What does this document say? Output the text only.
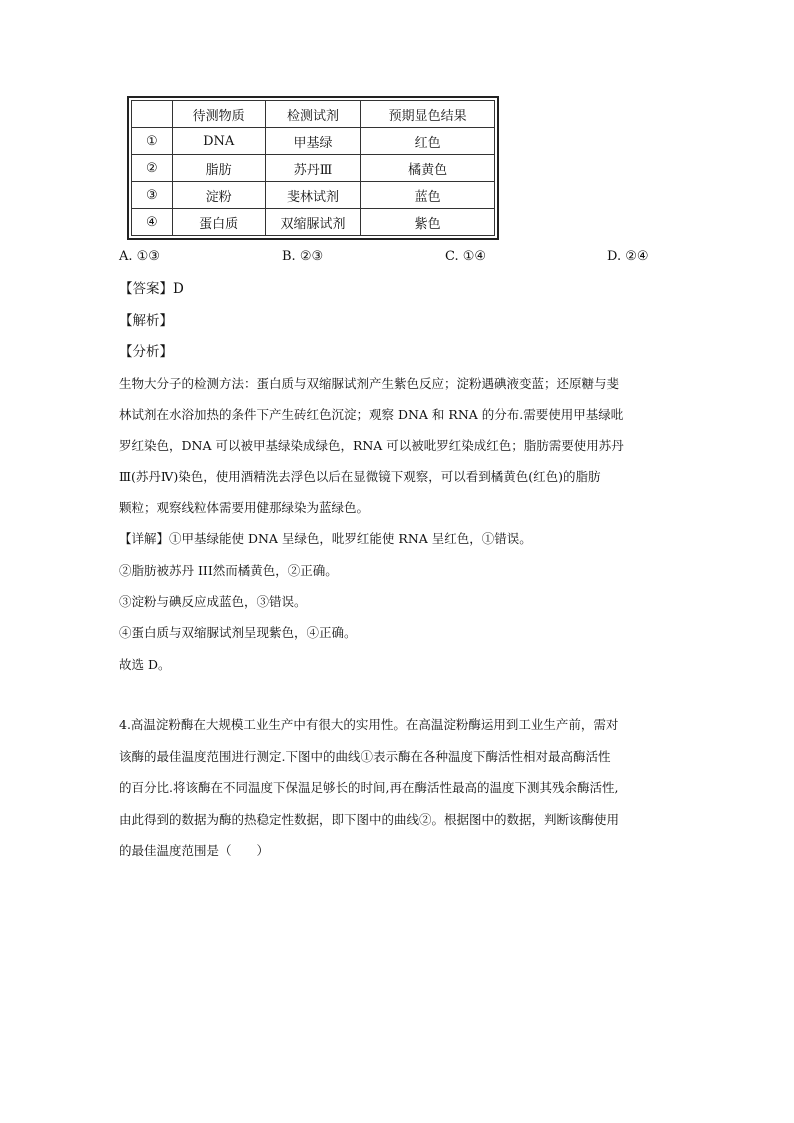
	待测物质	检测试剂	预期显色结果
①	DNA	甲基绿	红色
②	脂肪	苏丹Ⅲ	橘黄色
③	淀粉	斐林试剂	蓝色
④	蛋白质	双缩脲试剂	紫色
A. ①③	B. ②③	C. ①④	D. ②④
【答案】D
【解析】
【分析】
生物大分子的检测方法：蛋白质与双缩脲试剂产生紫色反应；淀粉遇碘液变蓝；还原糖与斐
林试剂在水浴加热的条件下产生砖红色沉淀；观察 DNA 和 RNA 的分布.需要使用甲基绿吡
罗红染色，DNA 可以被甲基绿染成绿色，RNA 可以被吡罗红染成红色；脂肪需要使用苏丹
Ⅲ(苏丹Ⅳ)染色，使用酒精洗去浮色以后在显微镜下观察，可以看到橘黄色(红色)的脂肪
颗粒；观察线粒体需要用健那绿染为蓝绿色。
【详解】①甲基绿能使 DNA 呈绿色，吡罗红能使 RNA 呈红色，①错误。
②脂肪被苏丹 III然而橘黄色，②正确。
③淀粉与碘反应成蓝色，③错误。
④蛋白质与双缩脲试剂呈现紫色，④正确。
故选 D。
4.高温淀粉酶在大规模工业生产中有很大的实用性。在高温淀粉酶运用到工业生产前，需对
该酶的最佳温度范围进行测定.下图中的曲线①表示酶在各种温度下酶活性相对最高酶活性
的百分比.将该酶在不同温度下保温足够长的时间,再在酶活性最高的温度下测其残余酶活性,
由此得到的数据为酶的热稳定性数据，即下图中的曲线②。根据图中的数据，判断该酶使用
的最佳温度范围是（　　）
